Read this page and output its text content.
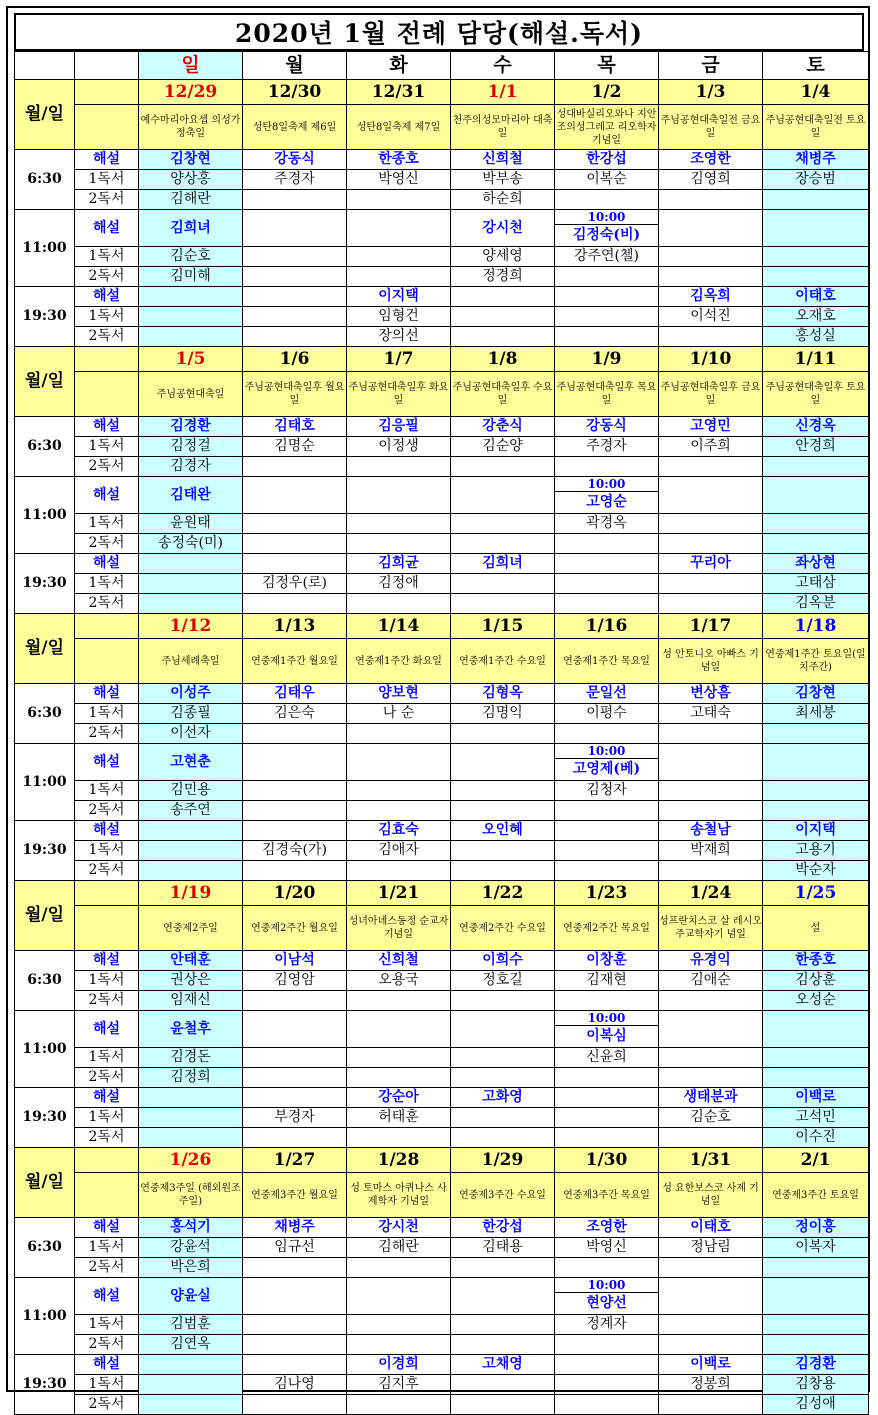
2020년 1월 전례 담당(해설.독서)
		일	월	화	수	목	금	토
월/일		12/29	12/30	12/31	1/1	1/2	1/3	1/4
		예수마리아요셉 의성가정축일	성탄8일축제 제6일	성탄8일축제 제7일	천주의성모마리아 대축일	성대바실리오와나 지안조의성그레고 리오학자기념일	주님공현대축일전 금요일	주님공현대축일전 토요일
6:30	해설	김창현	강동식	한종호	신희철	한강섭	조영한	채병주
	1독서	양상홍	주경자	박영신	박부송	이복순	김영희	장승범
	2독서	김해란			하순희			
11:00	해설	김희녀			강시천	10:00
김정숙(비)		

	1독서	김순호			양세영	강주연(첼)		
	2독서	김미해			정경희			
19:30	해설			이지택			김옥희	이태호
	1독서			임형건			이석진	오재호
	2독서			장의선				홍성실
월/일		1/5	1/6	1/7	1/8	1/9	1/10	1/11
		주님공현대축일	주님공현대축일후 월요일	주님공현대축일후 화요일	주님공현대축일후 수요일	주님공현대축일후 목요일	주님공현대축일후 금요일	주님공현대축일후 토요일
6:30	해설	김경환	김태호	김응필	강춘식	강동식	고영민	신경옥
	1독서	김정걸	김명순	이정생	김순양	주경자	이주희	안경희
	2독서	김경자						
11:00	해설	김태완				10:00
고영순		

	1독서	윤원태				곽경옥		
	2독서	송정숙(미)						
19:30	해설			김희균	김희녀		꾸리아	좌상현
	1독서		김정우(로)	김정애				고태삼
	2독서							김옥분
월/일		1/12	1/13	1/14	1/15	1/16	1/17	1/18
		주님세례축일	연중제1주간 월요일	연중제1주간 화요일	연중제1주간 수요일	연중제1주간 목요일	성 안토니오 아빠스 기념일	연중제1주간 토요일(일치주간)
6:30	해설	이성주	김태우	양보현	김형옥	문일선	변상흠	김창현
	1독서	김종필	김은숙	나 순	김명익	이평수	고태숙	최세붕
	2독서	이선자						
11:00	해설	고현춘				10:00
고영제(베)		

	1독서	김민용				김청자		
	2독서	송주연						
19:30	해설			김효숙	오인혜		송철남	이지택
	1독서		김경숙(가)	김애자			박재희	고용기
	2독서							박순자
월/일		1/19	1/20	1/21	1/22	1/23	1/24	1/25
		연중제2주일	연중제2주간 월요일	성녀아녜스동정 순교자기념일	연중제2주간 수요일	연중제2주간 목요일	성프란치스코 살 레시오주교학자기 념일	설
6:30	해설	안태훈	이남석	신희철	이희수	이창훈	유경익	한종호
	1독서	권상은	김영암	오용국	정호길	김재현	김애순	김상훈
	2독서	임재신						오성순
11:00	해설	윤철후				10:00
이복심		

	1독서	김경돈				신윤희		
	2독서	김정희						
19:30	해설			강순아	고화영		생태분과	이백로
	1독서		부경자	허태훈			김순호	고석민
	2독서							이수진
월/일		1/26	1/27	1/28	1/29	1/30	1/31	2/1
		연중제3주일 (해외원조주일)	연중제3주간 월요일	성 토마스 아퀴나스 사제학자 기념일	연중제3주간 수요일	연중제3주간 목요일	성 요한보스코 사제 기념일	연중제3주간 토요일
6:30	해설	홍석기	채병주	강시천	한강섭	조영한	이태호	정이흥
	1독서	강윤석	임규선	김해란	김태용	박영신	정남림	이복자
	2독서	박은희						
11:00	해설	양윤실				10:00
현양선		

	1독서	김범훈				정계자		
	2독서	김연옥						
19:30	해설			이경희	고채영		이백로	김경환
	1독서		김나영	김지후			정봉희	김창용
	2독서							김성애
